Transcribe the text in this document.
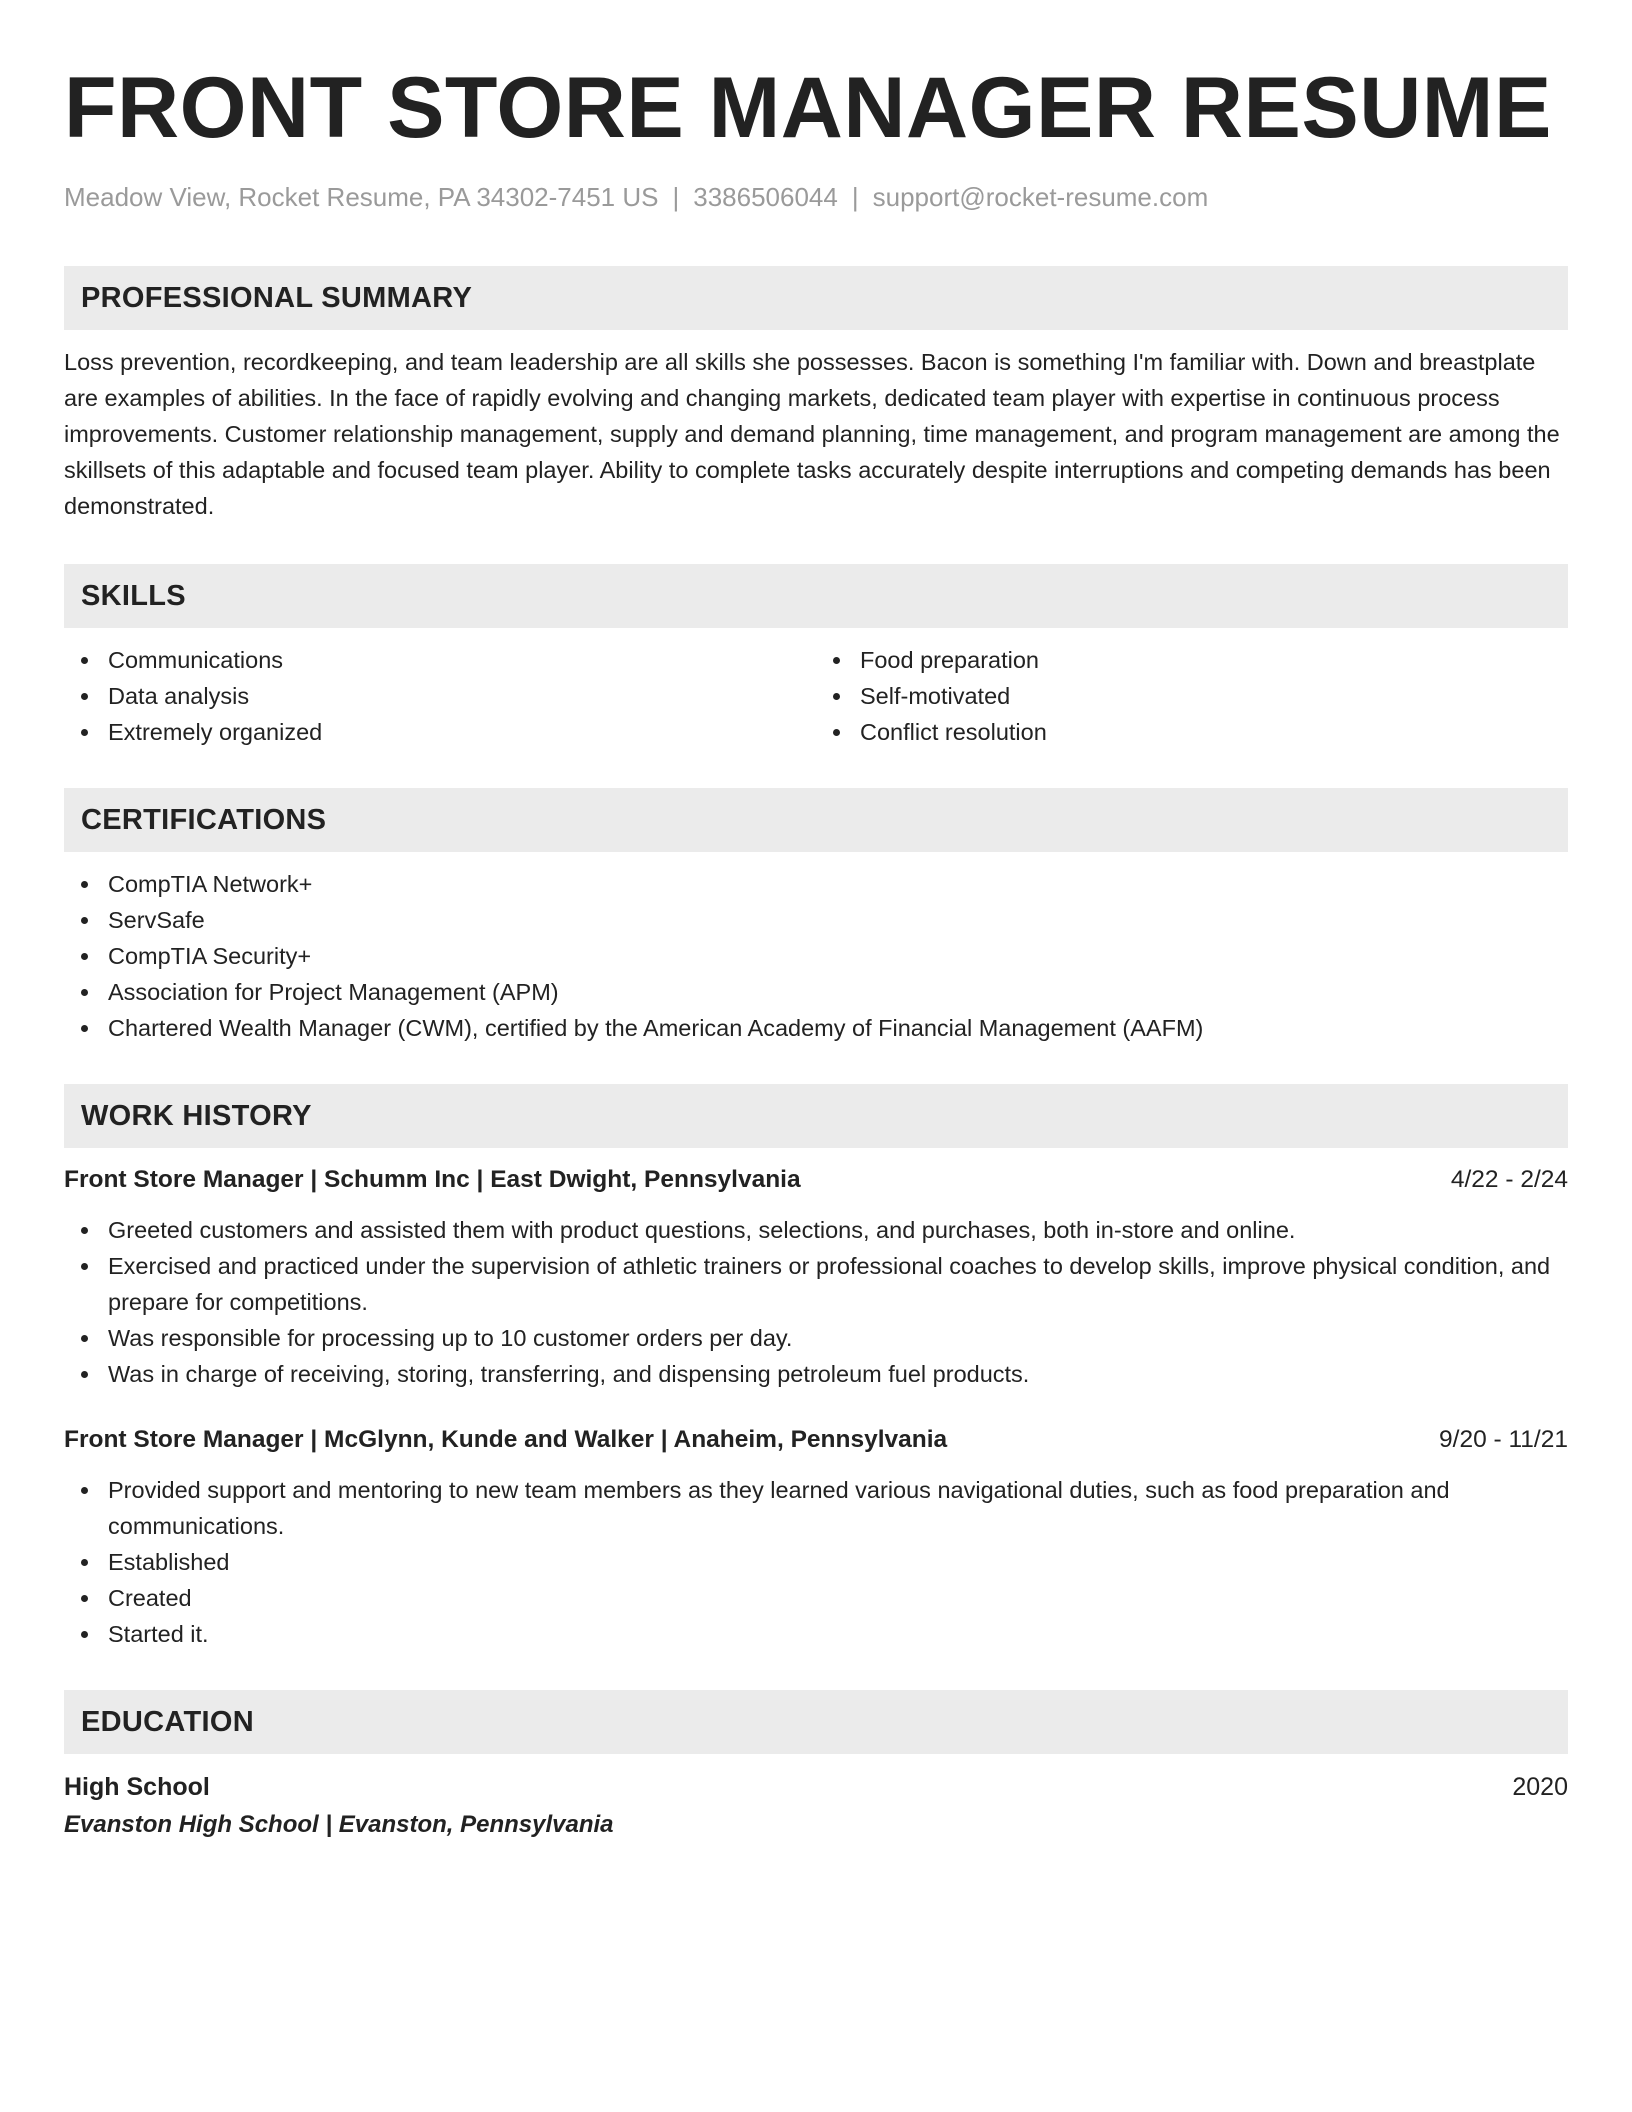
FRONT STORE MANAGER RESUME
Meadow View, Rocket Resume, PA 34302-7451 US | 3386506044 | support@rocket-resume.com
PROFESSIONAL SUMMARY

Loss prevention, recordkeeping, and team leadership are all skills she possesses. Bacon is something I'm familiar with. Down and breastplate are examples of abilities. In the face of rapidly evolving and changing markets, dedicated team player with expertise in continuous process improvements. Customer relationship management, supply and demand planning, time management, and program management are among the skillsets of this adaptable and focused team player. Ability to complete tasks accurately despite interruptions and competing demands has been demonstrated.

SKILLS
Communications
Data analysis
Extremely organized
Food preparation
Self-motivated
Conflict resolution
CERTIFICATIONS
CompTIA Network+
ServSafe
CompTIA Security+
Association for Project Management (APM)
Chartered Wealth Manager (CWM), certified by the American Academy of Financial Management (AAFM)
WORK HISTORY
Front Store Manager | Schumm Inc | East Dwight, Pennsylvania	4/22 - 2/24
Greeted customers and assisted them with product questions, selections, and purchases, both in-store and online.
Exercised and practiced under the supervision of athletic trainers or professional coaches to develop skills, improve physical condition, and prepare for competitions.
Was responsible for processing up to 10 customer orders per day.
Was in charge of receiving, storing, transferring, and dispensing petroleum fuel products.
Front Store Manager | McGlynn, Kunde and Walker | Anaheim, Pennsylvania	9/20 - 11/21
Provided support and mentoring to new team members as they learned various navigational duties, such as food preparation and communications.
Established
Created
Started it.
EDUCATION
High School	2020
Evanston High School | Evanston, Pennsylvania
